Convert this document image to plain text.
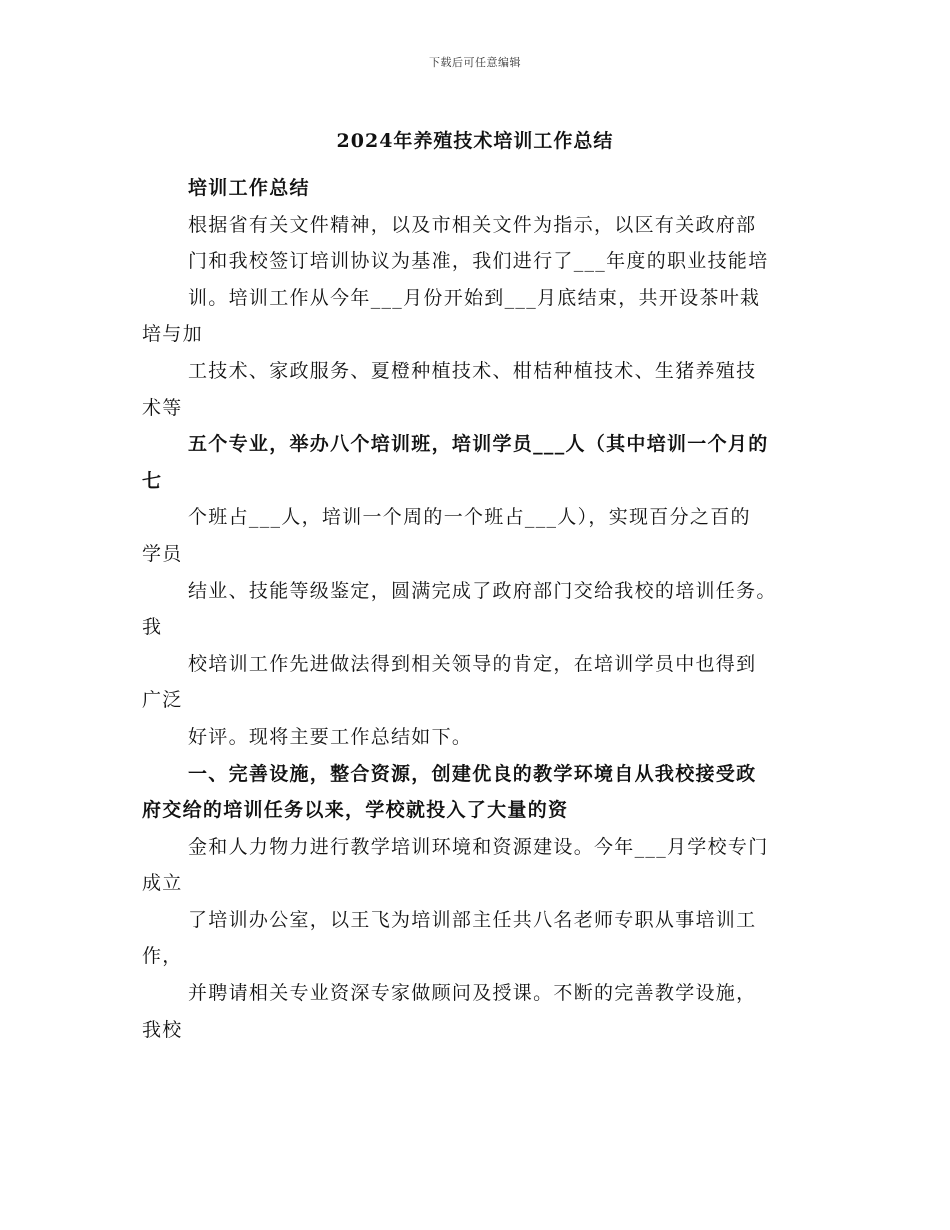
下载后可任意编辑
2024年养殖技术培训工作总结
培训工作总结
根据省有关文件精神，以及市相关文件为指示，以区有关政府部
门和我校签订培训协议为基准，我们进行了___年度的职业技能培
训。培训工作从今年___月份开始到___月底结束，共开设茶叶栽
培与加
工技术、家政服务、夏橙种植技术、柑桔种植技术、生猪养殖技
术等
五个专业，举办八个培训班，培训学员___人（其中培训一个月的
七
个班占___人，培训一个周的一个班占___人），实现百分之百的
学员
结业、技能等级鉴定，圆满完成了政府部门交给我校的培训任务。
我
校培训工作先进做法得到相关领导的肯定，在培训学员中也得到
广泛
好评。现将主要工作总结如下。
一、完善设施，整合资源，创建优良的教学环境自从我校接受政
府交给的培训任务以来，学校就投入了大量的资
金和人力物力进行教学培训环境和资源建设。今年___月学校专门
成立
了培训办公室，以王飞为培训部主任共八名老师专职从事培训工
作，
并聘请相关专业资深专家做顾问及授课。不断的完善教学设施，
我校
